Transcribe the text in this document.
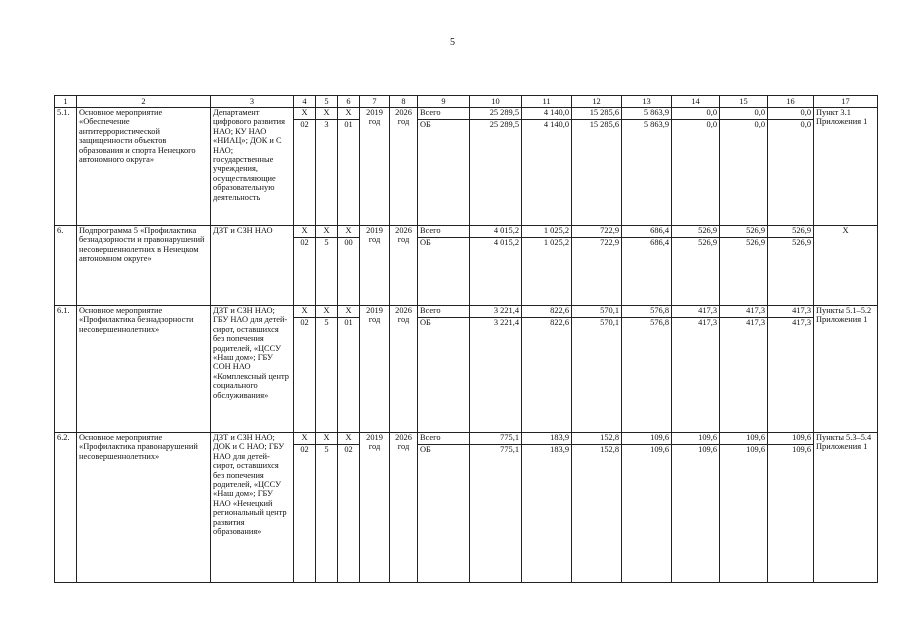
5
1	2	3	4	5	6	7	8	9	10	11	12	13	14	15	16	17
5.1.	Основное мероприятие «Обеспечение антитеррористической защищенности объектов образования и спорта Ненецкого автономного округа»	Департамент цифрового развития НАО; КУ НАО «НИАЦ»; ДОК и С НАО; государственные учреждения, осуществляющие образовательную деятельность	X	X	X	2019 год	2026 год	Всего	25 289,5	4 140,0	15 285,6	5 863,9	0,0	0,0	0,0	Пункт 3.1 Приложения 1
			02	3	01			ОБ	25 289,5	4 140,0	15 285,6	5 863,9	0,0	0,0	0,0	
6.	Подпрограмма 5 «Профилактика безнадзорности и правонарушений несовершеннолетних в Ненецком автономном округе»	ДЗТ и СЗН НАО	X	X	X	2019 год	2026 год	Всего	4 015,2	1 025,2	722,9	686,4	526,9	526,9	526,9	X
			02	5	00			ОБ	4 015,2	1 025,2	722,9	686,4	526,9	526,9	526,9	
6.1.	Основное мероприятие «Профилактика безнадзорности несовершеннолетних»	ДЗТ и СЗН НАО; ГБУ НАО для детей-сирот, оставшихся без попечения родителей, «ЦССУ «Наш дом»; ГБУ СОН НАО «Комплексный центр социального обслуживания»	X	X	X	2019 год	2026 год	Всего	3 221,4	822,6	570,1	576,8	417,3	417,3	417,3	Пункты 5.1–5.2 Приложения 1
			02	5	01			ОБ	3 221,4	822,6	570,1	576,8	417,3	417,3	417,3	
6.2.	Основное мероприятие «Профилактика правонарушений несовершеннолетних»	ДЗТ и СЗН НАО; ДОК и С НАО; ГБУ НАО для детей-сирот, оставшихся без попечения родителей, «ЦССУ «Наш дом»; ГБУ НАО «Ненецкий региональный центр развития образования»	X	X	X	2019 год	2026 год	Всего	775,1	183,9	152,8	109,6	109,6	109,6	109,6	Пункты 5.3–5.4 Приложения 1
			02	5	02			ОБ	775,1	183,9	152,8	109,6	109,6	109,6	109,6	
